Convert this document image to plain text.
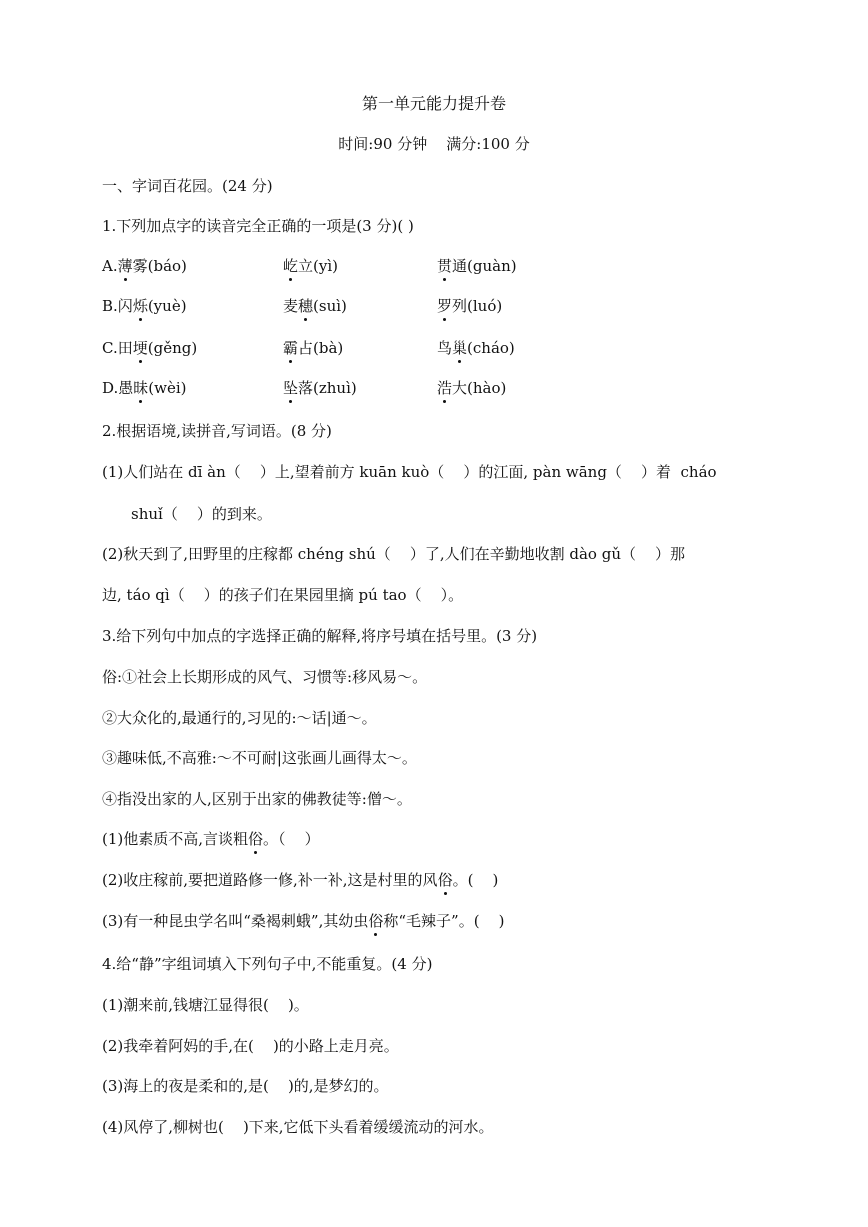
第一单元能力提升卷
时间:90 分钟    满分:100 分
一、字词百花园。(24 分)
1.下列加点字的读音完全正确的一项是(3 分)( )
A.薄雾(báo)	屹立(yì)	贯通(guàn)
B.闪烁(yuè)	麦穗(suì)	罗列(luó)
C.田埂(gěng)	霸占(bà)	鸟巢(cháo)
D.愚昧(wèi)	坠落(zhuì)	浩大(hào)
2.根据语境,读拼音,写词语。(8 分)
(1)人们站在 dī àn（    ）上,望着前方 kuān kuò（    ）的江面, pàn wāng（    ）着  cháo
shuǐ（    ）的到来。
(2)秋天到了,田野里的庄稼都 chéng shú（    ）了,人们在辛勤地收割 dào gǔ（    ）那
边, táo qì（    ）的孩子们在果园里摘 pú tao（    ）。
3.给下列句中加点的字选择正确的解释,将序号填在括号里。(3 分)
俗:①社会上长期形成的风气、习惯等:移风易～。
②大众化的,最通行的,习见的:～话|通～。
③趣味低,不高雅:～不可耐|这张画儿画得太～。
④指没出家的人,区别于出家的佛教徒等:僧～。
(1)他素质不高,言谈粗俗。（    ）
(2)收庄稼前,要把道路修一修,补一补,这是村里的风俗。(    )
(3)有一种昆虫学名叫“桑褐刺蛾”,其幼虫俗称“毛辣子”。(    )
4.给“静”字组词填入下列句子中,不能重复。(4 分)
(1)潮来前,钱塘江显得很(    )。
(2)我牵着阿妈的手,在(    )的小路上走月亮。
(3)海上的夜是柔和的,是(    )的,是梦幻的。
(4)风停了,柳树也(    )下来,它低下头看着缓缓流动的河水。
